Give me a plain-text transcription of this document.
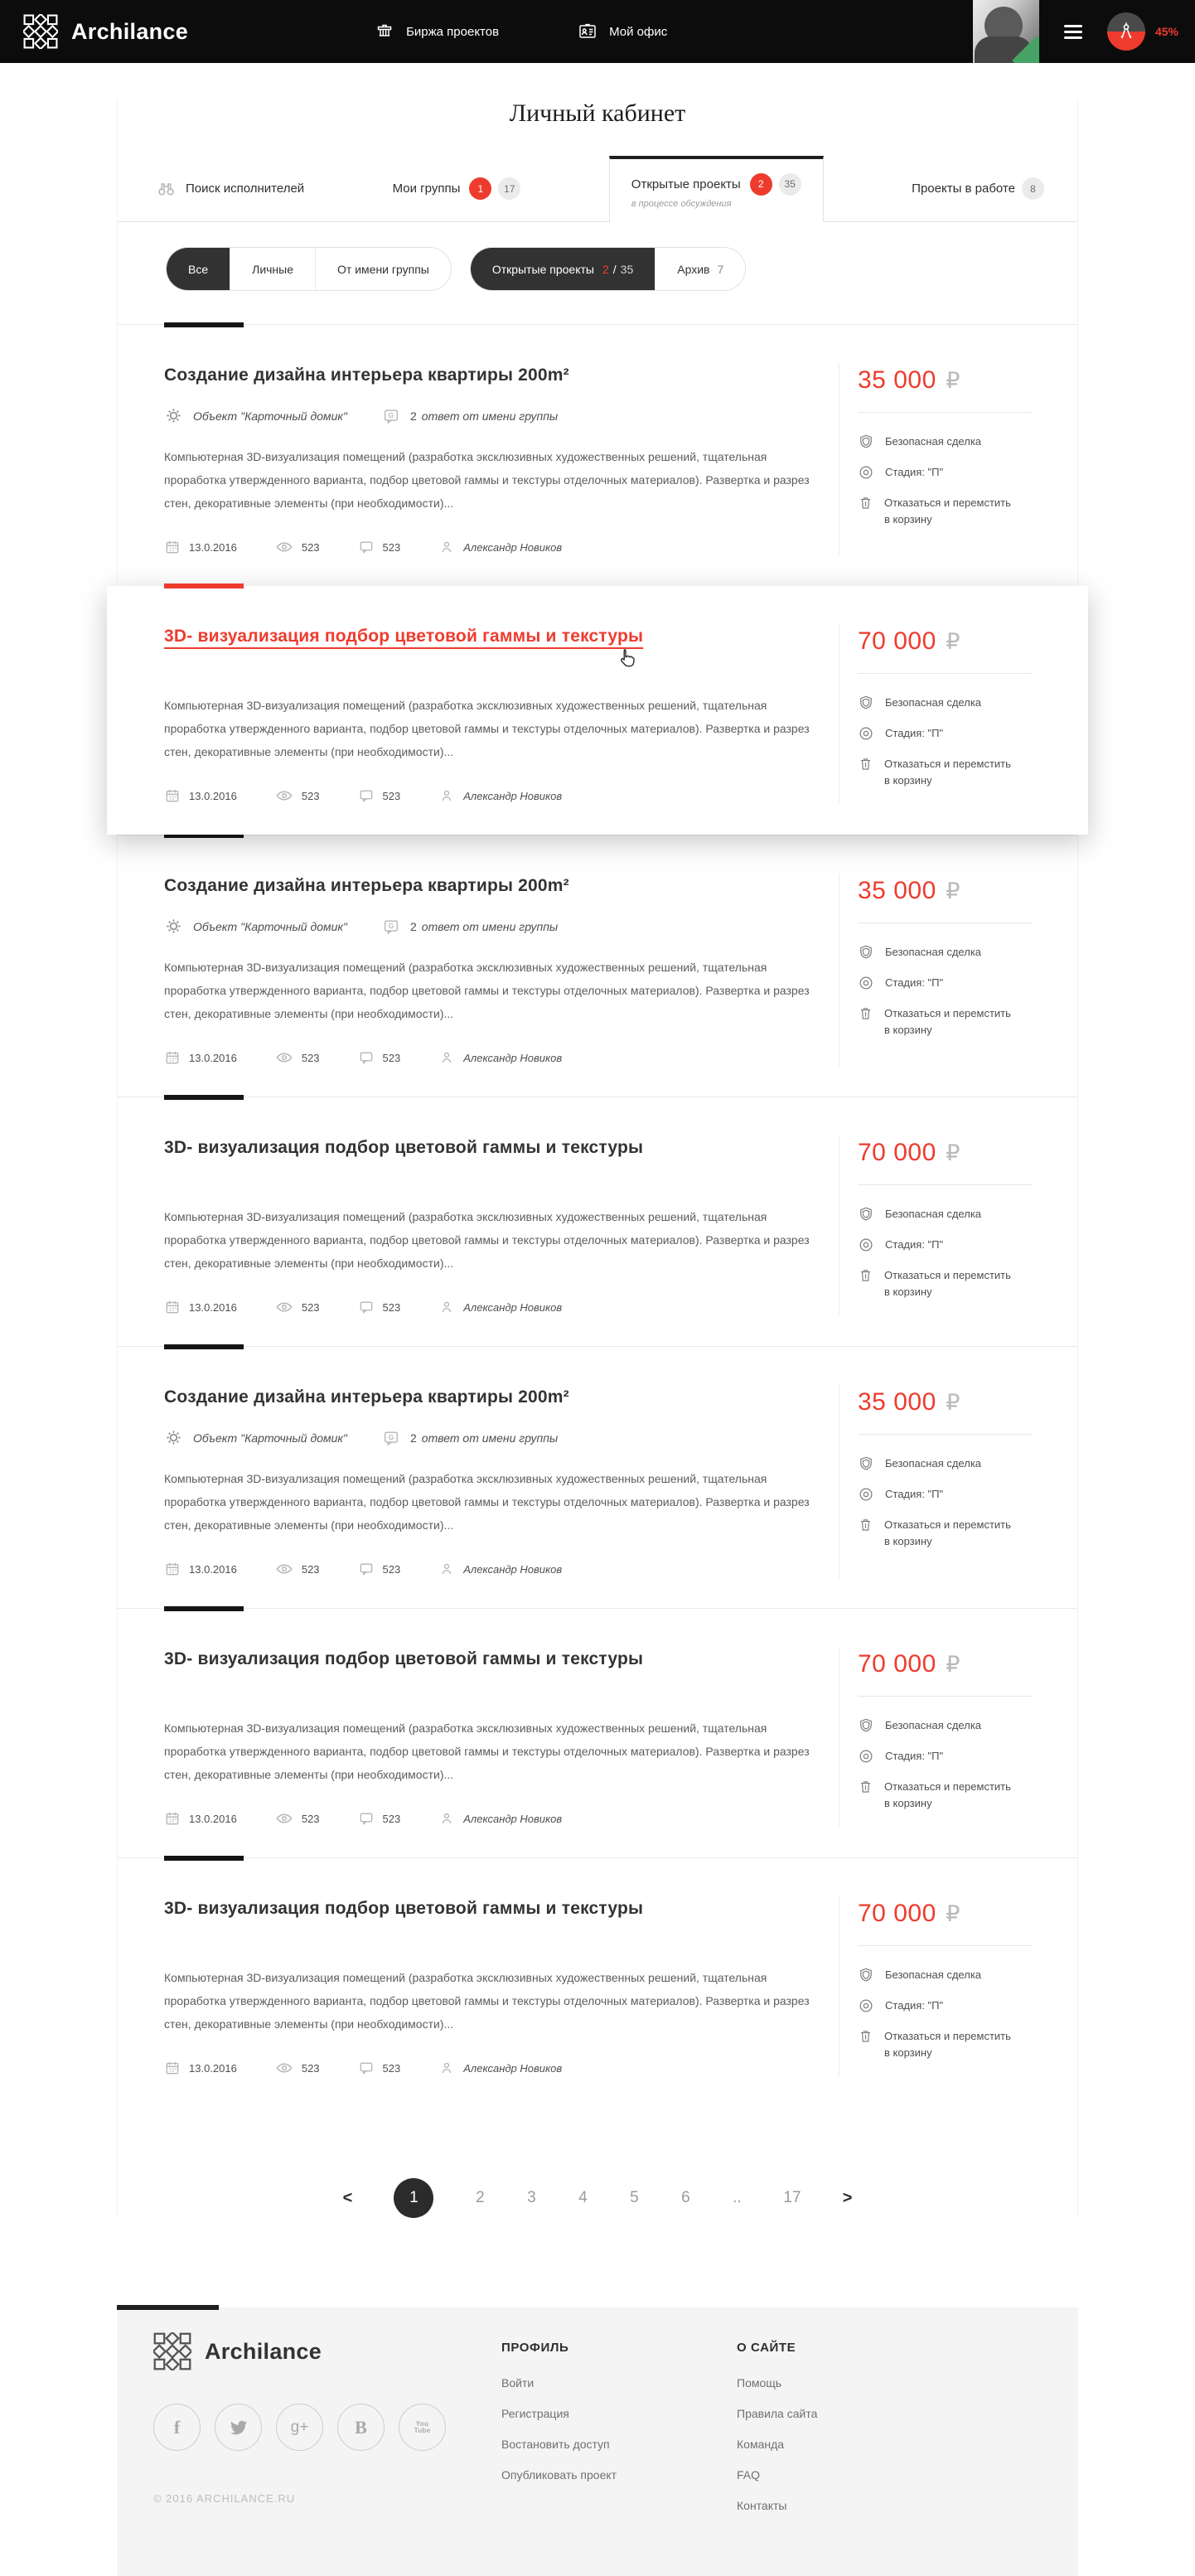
Archilance	Биржа проектов	Мой офис	45%
Личный кабинет
Поиск исполнителей	Мои группы	1	17	Открытые проекты	2	35
в процессе обсуждения
Проекты в работе	8
Все	Личные	От имени группы	Открытые проекты 2 / 35	Архив 7
Создание дизайна интерьера квартиры 200m²
Объект "Карточный домик"	G 2 ответ от имени группы

Компьютерная 3D-визуализация помещений (разработка эксклюзивных художественных решений, тщательная проработка утвержденного варианта, подбор цветовой гаммы и текстуры отделочных материалов). Развертка и разрез стен, декоративные элементы (при необходимости)...

13.0.2016	523	523	Александр Новиков
35 000 ₽
Безопасная сделка
Стадия: "П"
Отказаться и перемстить в корзину
3D- визуализация подбор цветовой гаммы и текстуры

Компьютерная 3D-визуализация помещений (разработка эксклюзивных художественных решений, тщательная проработка утвержденного варианта, подбор цветовой гаммы и текстуры отделочных материалов). Развертка и разрез стен, декоративные элементы (при необходимости)...

13.0.2016	523	523	Александр Новиков
70 000 ₽
Безопасная сделка
Стадия: "П"
Отказаться и перемстить в корзину
Создание дизайна интерьера квартиры 200m²
Объект "Карточный домик"	G 2 ответ от имени группы

Компьютерная 3D-визуализация помещений (разработка эксклюзивных художественных решений, тщательная проработка утвержденного варианта, подбор цветовой гаммы и текстуры отделочных материалов). Развертка и разрез стен, декоративные элементы (при необходимости)...

13.0.2016	523	523	Александр Новиков
35 000 ₽
Безопасная сделка
Стадия: "П"
Отказаться и перемстить в корзину
3D- визуализация подбор цветовой гаммы и текстуры

Компьютерная 3D-визуализация помещений (разработка эксклюзивных художественных решений, тщательная проработка утвержденного варианта, подбор цветовой гаммы и текстуры отделочных материалов). Развертка и разрез стен, декоративные элементы (при необходимости)...

13.0.2016	523	523	Александр Новиков
70 000 ₽
Безопасная сделка
Стадия: "П"
Отказаться и перемстить в корзину
Создание дизайна интерьера квартиры 200m²
Объект "Карточный домик"	G 2 ответ от имени группы

Компьютерная 3D-визуализация помещений (разработка эксклюзивных художественных решений, тщательная проработка утвержденного варианта, подбор цветовой гаммы и текстуры отделочных материалов). Развертка и разрез стен, декоративные элементы (при необходимости)...

13.0.2016	523	523	Александр Новиков
35 000 ₽
Безопасная сделка
Стадия: "П"
Отказаться и перемстить в корзину
3D- визуализация подбор цветовой гаммы и текстуры

Компьютерная 3D-визуализация помещений (разработка эксклюзивных художественных решений, тщательная проработка утвержденного варианта, подбор цветовой гаммы и текстуры отделочных материалов). Развертка и разрез стен, декоративные элементы (при необходимости)...

13.0.2016	523	523	Александр Новиков
70 000 ₽
Безопасная сделка
Стадия: "П"
Отказаться и перемстить в корзину
3D- визуализация подбор цветовой гаммы и текстуры

Компьютерная 3D-визуализация помещений (разработка эксклюзивных художественных решений, тщательная проработка утвержденного варианта, подбор цветовой гаммы и текстуры отделочных материалов). Развертка и разрез стен, декоративные элементы (при необходимости)...

13.0.2016	523	523	Александр Новиков
70 000 ₽
Безопасная сделка
Стадия: "П"
Отказаться и перемстить в корзину
<	1	2	3	4	5	6	..	17	>
Archilance
f	g+	B	You
Tube
© 2016 ARCHILANCE.RU
ПРОФИЛЬ
Войти
Регистрация
Востановить доступ
Опубликовать проект
О САЙТЕ
Помощь
Правила сайта
Команда
FAQ
Контакты
